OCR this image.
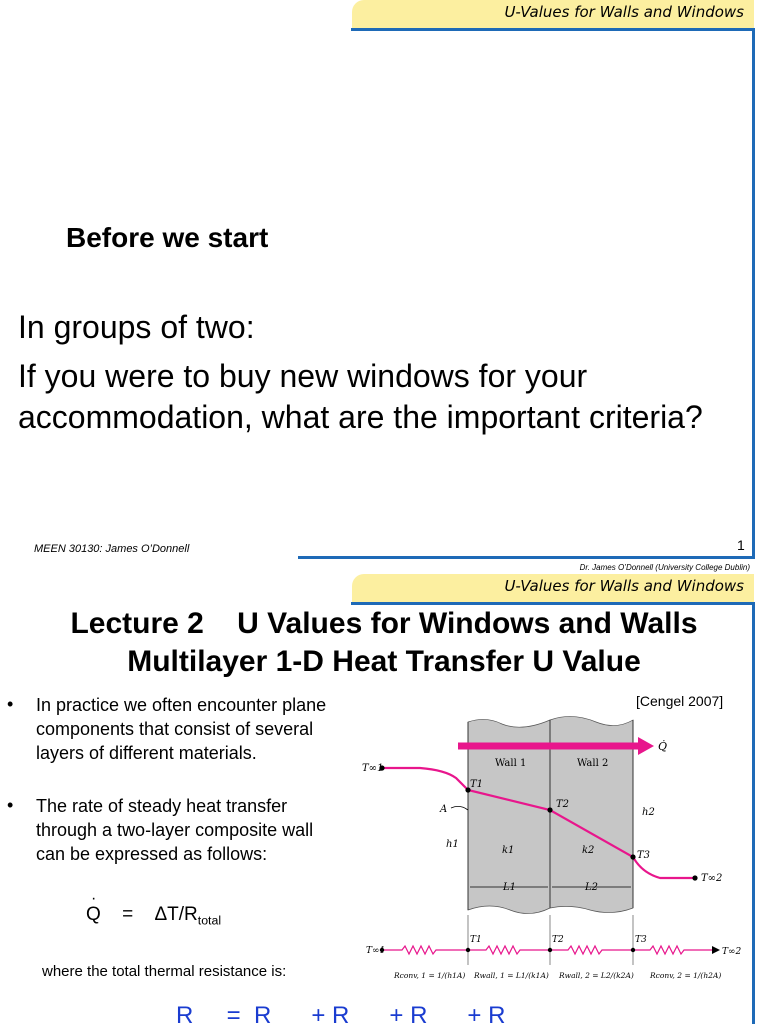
U-Values for Walls and Windows
Before we start
In groups of two:
If you were to buy new windows for your
accommodation, what are the important criteria?
MEEN 30130: James O’Donnell	1
Dr. James O’Donnell (University College Dublin)
U-Values for Walls and Windows
Lecture 2    U Values for Windows and Walls
Multilayer 1-D Heat Transfer U Value
• In practice we often encounter plane
components that consist of several
layers of different materials.
• The rate of steady heat transfer
through a two-layer composite wall
can be expressed as follows:
Q
·
= $\Delta T/R_{total}$
where the total thermal resistance is:
R     =  R      + R      + R      + R
[Cengel 2007]
Q̇
Wall 1	Wall 2
T∞1
T1
T2
T3
T∞2
A
h1
h2
k1	k2
L1	L2
T∞1
T1	T2	T3
T∞2
Rconv, 1 = 1/(h1A) Rwall, 1 = L1/(k1A) Rwall, 2 = L2/(k2A) Rconv, 2 = 1/(h2A)
